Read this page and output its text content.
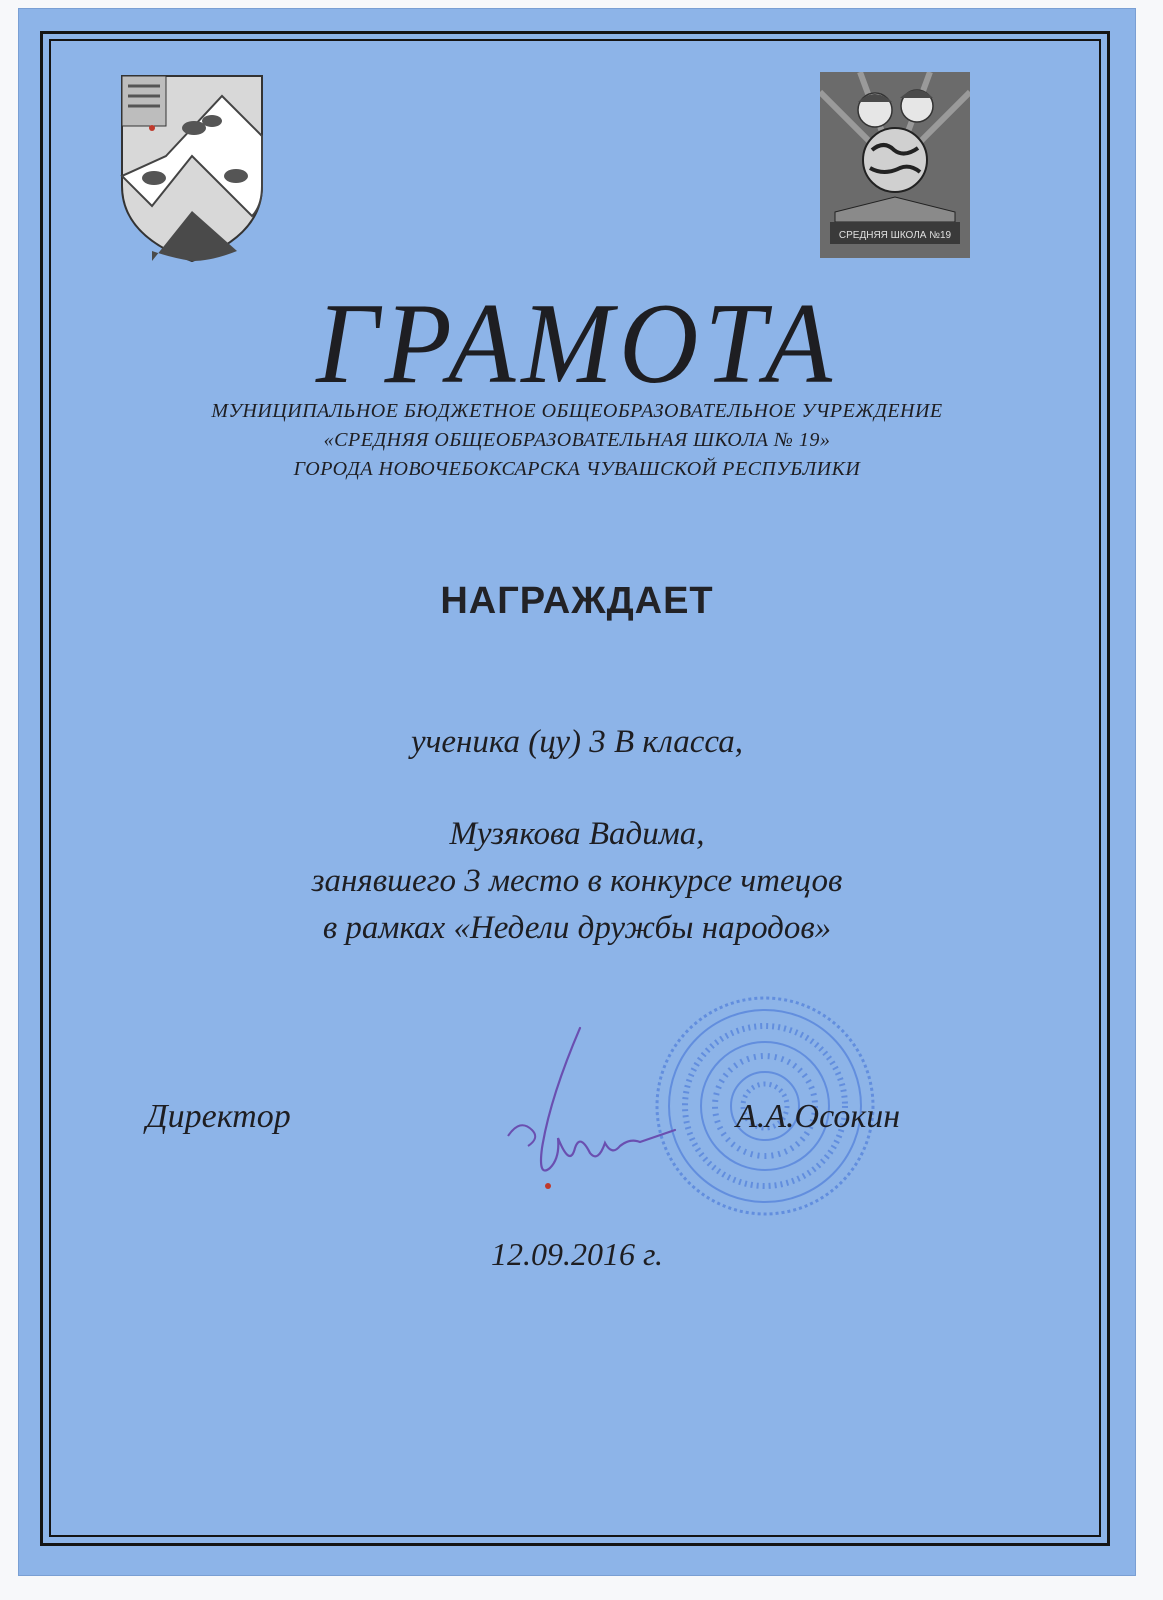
СРЕДНЯЯ ШКОЛА №19
ГРАМОТА
МУНИЦИПАЛЬНОЕ БЮДЖЕТНОЕ ОБЩЕОБРАЗОВАТЕЛЬНОЕ УЧРЕЖДЕНИЕ
«СРЕДНЯЯ ОБЩЕОБРАЗОВАТЕЛЬНАЯ ШКОЛА № 19»
ГОРОДА НОВОЧЕБОКСАРСКА ЧУВАШСКОЙ РЕСПУБЛИКИ
НАГРАЖДАЕТ
ученика (цу) 3 В класса,
Музякова Вадима,
занявшего 3 место в конкурсе чтецов
в рамках «Недели дружбы народов»
Директор	А.А.Осокин
12.09.2016 г.
